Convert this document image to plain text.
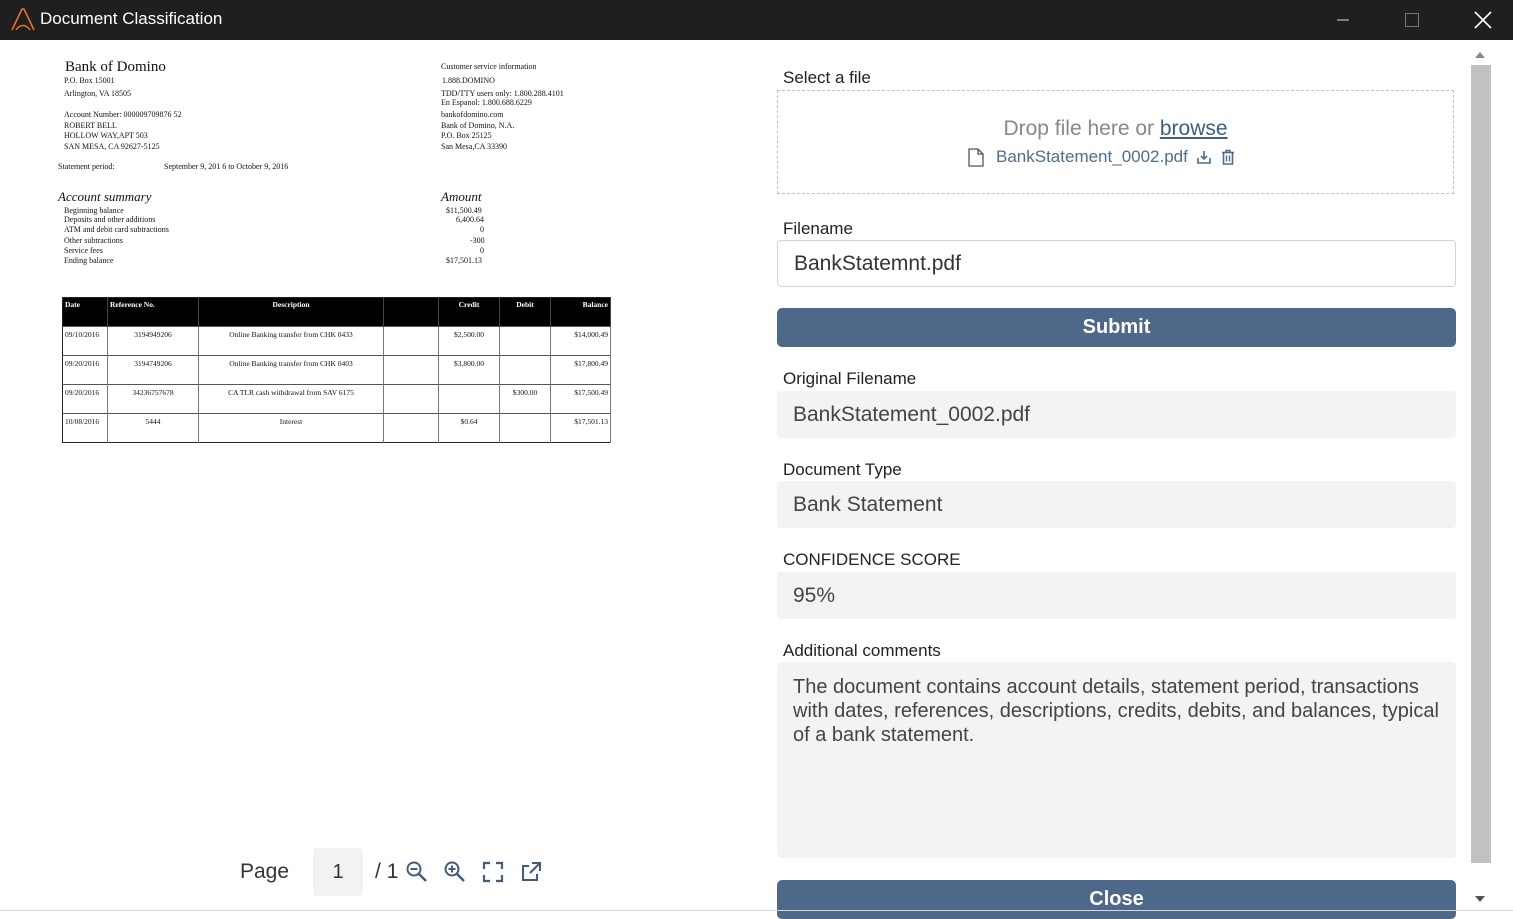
Document Classification
Bank of Domino
P.O. Box 15001
Arlington, VA 18505
Customer service information
1.888.DOMINO
TDD/TTY users only: 1.800.288.4101
En Espanol: 1.800.688.6229
Account Number: 000009709876 52
ROBERT BELL
HOLLOW WAY,APT 503
SAN MESA, CA 92627-5125
bankofdomino.com
Bank of Domino, N.A.
P.O. Box 25125
San Mesa,CA 33390
Statement period:	September 9, 201 6 to October 9, 2016
Account summary	Amount
Beginning balance	$11,500.49
Deposits and other additions	6,400.64
ATM and debit card subtractions	0
Other subtractions	-300
Service fees	0
Ending balance	$17,501.13
Date	Reference No.	Description		Credit	Debit	Balance
09/10/2016	3194949206	Online Banking transfer from CHK 0433		$2,500.00		$14,000.49
09/20/2016	3194749206	Online Banking transfer from CHK 0403		$3,800.00		$17,800.49
09/20/2016	34236757678	CA TLR cash withdrawal from SAV 6175			$300.00	$17,500.49
10/08/2016	5444	Interest		$0.64		$17,501.13
Page
1	/ 1
Select a file
Drop file here or browse
BankStatement_0002.pdf
Filename
BankStatemnt.pdf
Submit
Original Filename
BankStatement_0002.pdf
Document Type
Bank Statement
CONFIDENCE SCORE
95%
Additional comments
The document contains account details, statement period, transactions with dates, references, descriptions, credits, debits, and balances, typical of a bank statement.
Close
